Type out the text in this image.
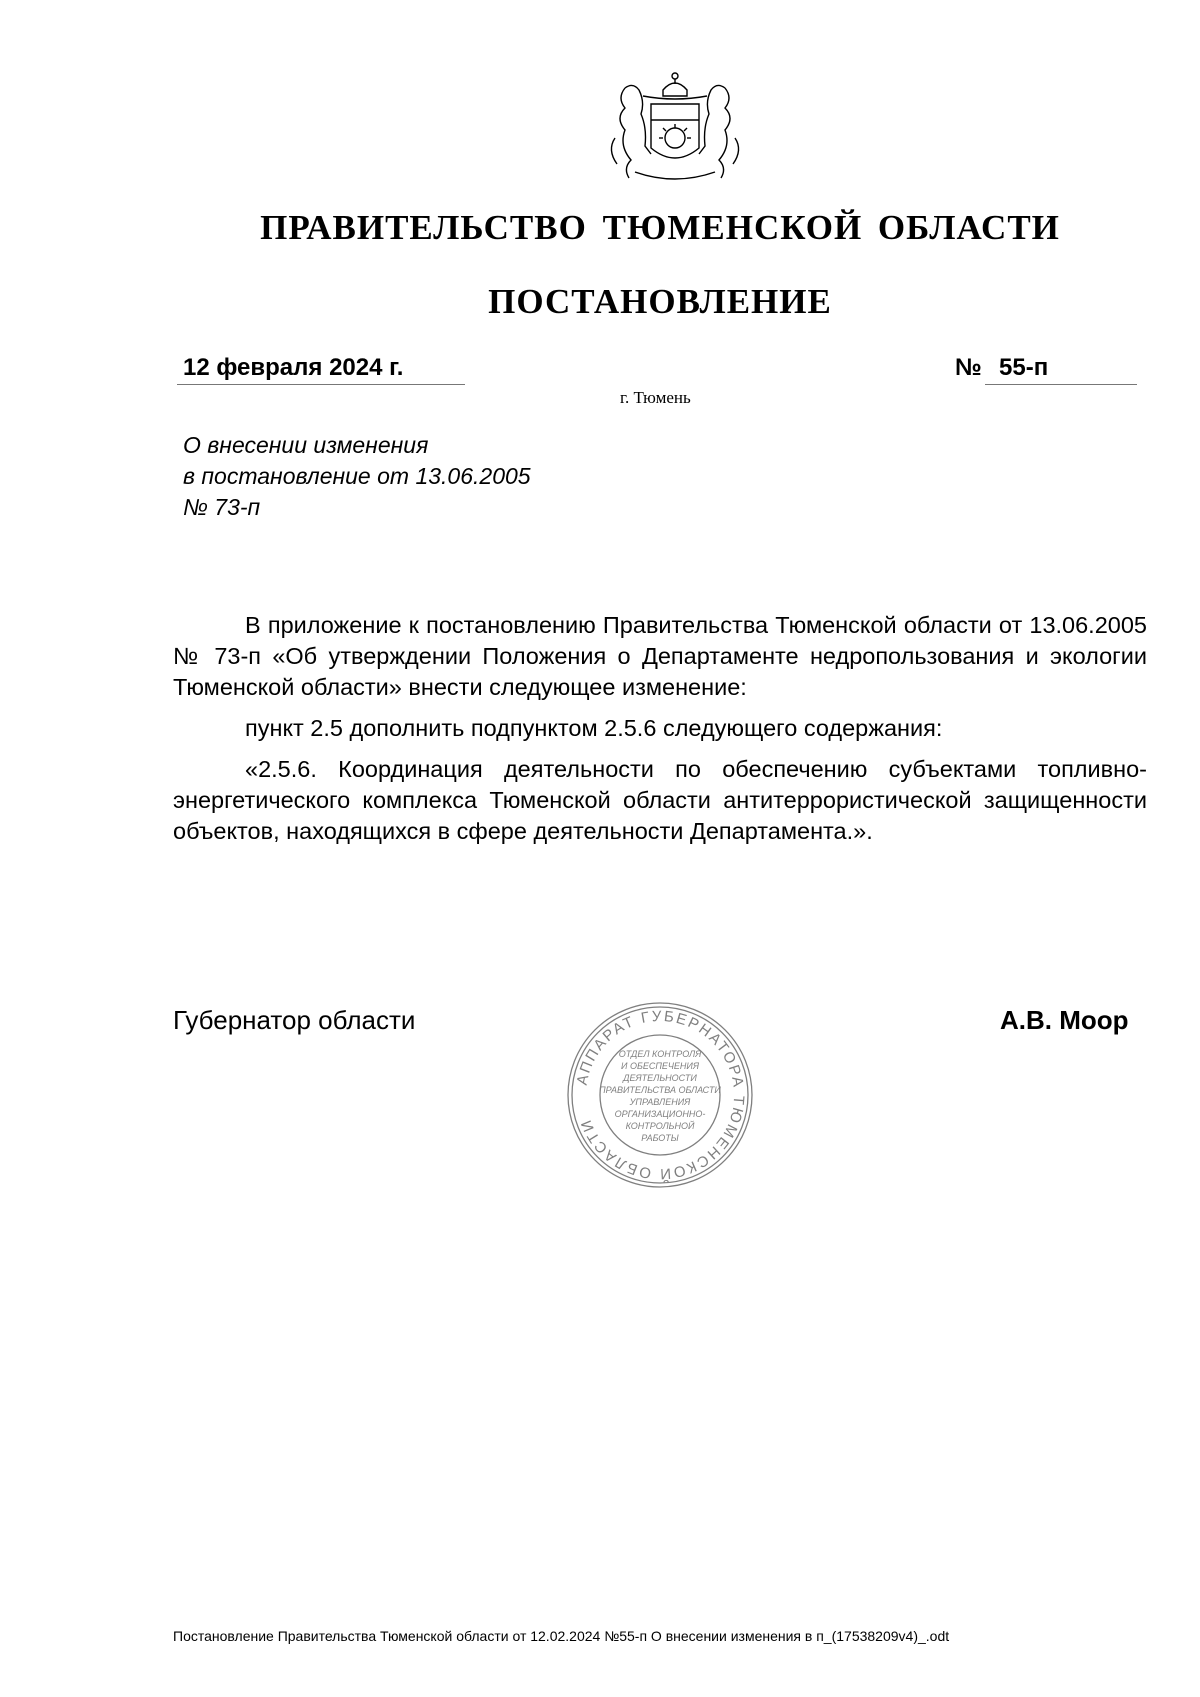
ПРАВИТЕЛЬСТВО ТЮМЕНСКОЙ ОБЛАСТИ
ПОСТАНОВЛЕНИЕ
12 февраля 2024 г.	№ 55-п
г. Тюмень
О внесении изменения
в постановление от 13.06.2005
№ 73-п

В приложение к постановлению Правительства Тюменской области от 13.06.2005 № 73-п «Об утверждении Положения о Департаменте недропользования и экологии Тюменской области» внести следующее изменение:

пункт 2.5 дополнить подпунктом 2.5.6 следующего содержания:

«2.5.6. Координация деятельности по обеспечению субъектами топливно-энергетического комплекса Тюменской области антитеррористической защищенности объектов, находящихся в сфере деятельности Департамента.».

Губернатор области	А.В. Моор
АППАРАТ ГУБЕРНАТОРА ТЮМЕНСКОЙ ОБЛАСТИ
ОТДЕЛ КОНТРОЛЯ
И ОБЕСПЕЧЕНИЯ
ДЕЯТЕЛЬНОСТИ
ПРАВИТЕЛЬСТВА ОБЛАСТИ
УПРАВЛЕНИЯ
ОРГАНИЗАЦИОННО-
КОНТРОЛЬНОЙ
РАБОТЫ
Постановление Правительства Тюменской области от 12.02.2024 №55-п О внесении изменения в п_(17538209v4)_.odt
